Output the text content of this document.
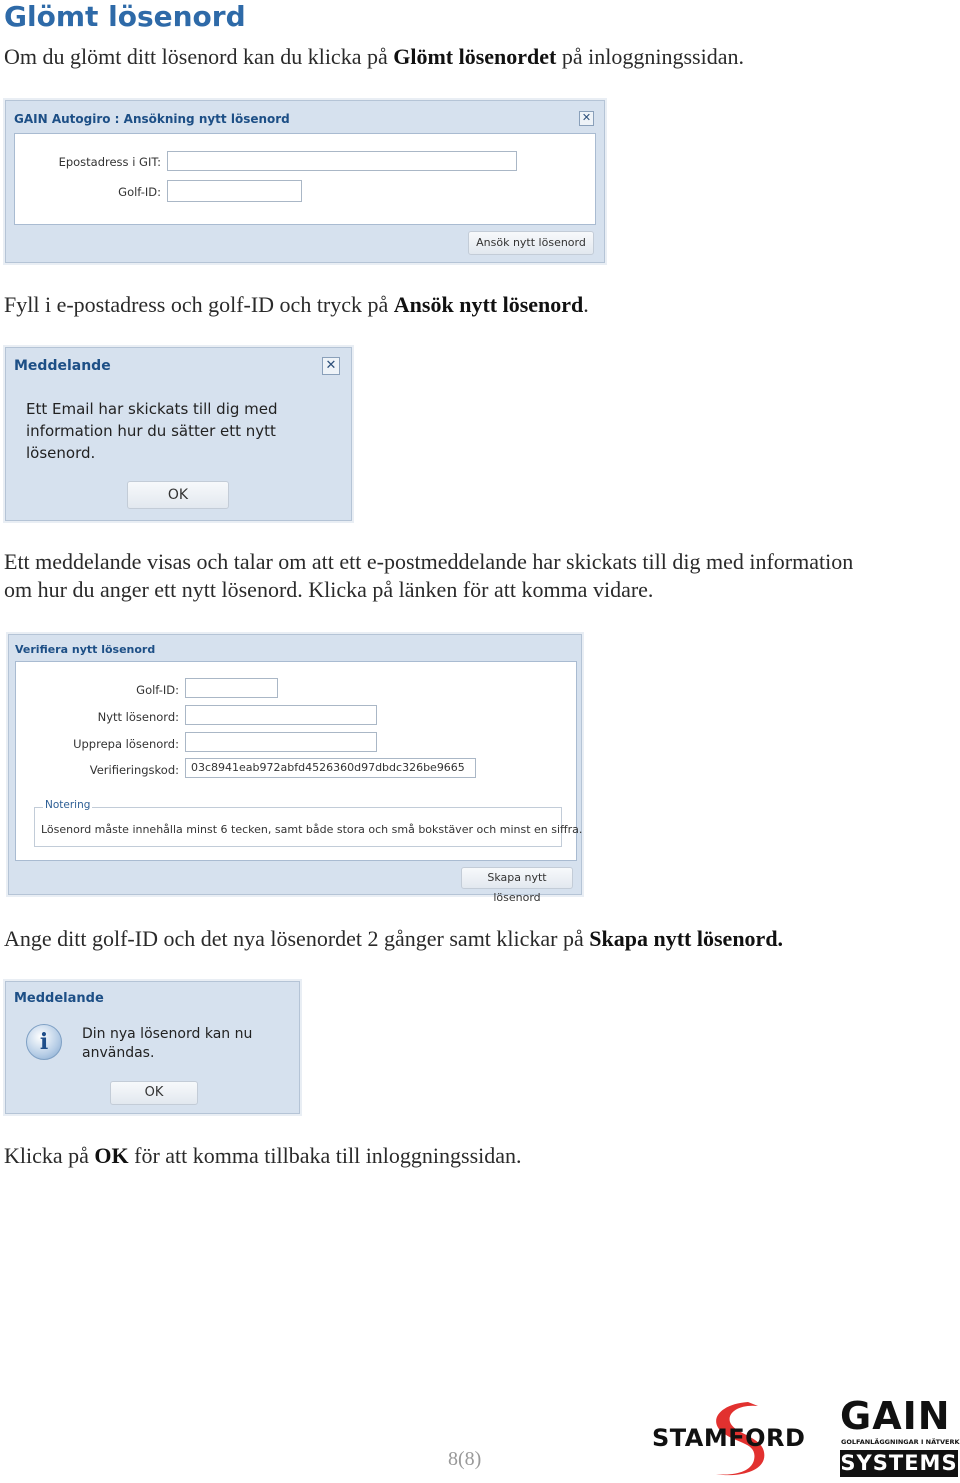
Glömt lösenord
Om du glömt ditt lösenord kan du klicka på Glömt lösenordet på inloggningssidan.
GAIN Autogiro : Ansökning nytt lösenord	✕
Epostadress i GIT:
Golf-ID:
Ansök nytt lösenord
Fyll i e-postadress och golf-ID och tryck på Ansök nytt lösenord.
Meddelande	✕
Ett Email har skickats till dig med
information hur du sätter ett nytt
lösenord.
OK
Ett meddelande visas och talar om att ett e-postmeddelande har skickats till dig med information
om hur du anger ett nytt lösenord. Klicka på länken för att komma vidare.
Verifiera nytt lösenord
Golf-ID:
Nytt lösenord:
Upprepa lösenord:
Verifieringskod:	03c8941eab972abfd4526360d97dbdc326be9665
Notering
Lösenord måste innehålla minst 6 tecken, samt både stora och små bokstäver och minst en siffra.
Skapa nytt lösenord
Ange ditt golf-ID och det nya lösenordet 2 gånger samt klickar på Skapa nytt lösenord.
Meddelande
i	Din nya lösenord kan nu
användas.
OK
Klicka på OK för att komma tillbaka till inloggningssidan.
8(8)
STAMFORD GAIN
GOLFANLÄGGNINGAR I NÄTVERK
SYSTEMS
